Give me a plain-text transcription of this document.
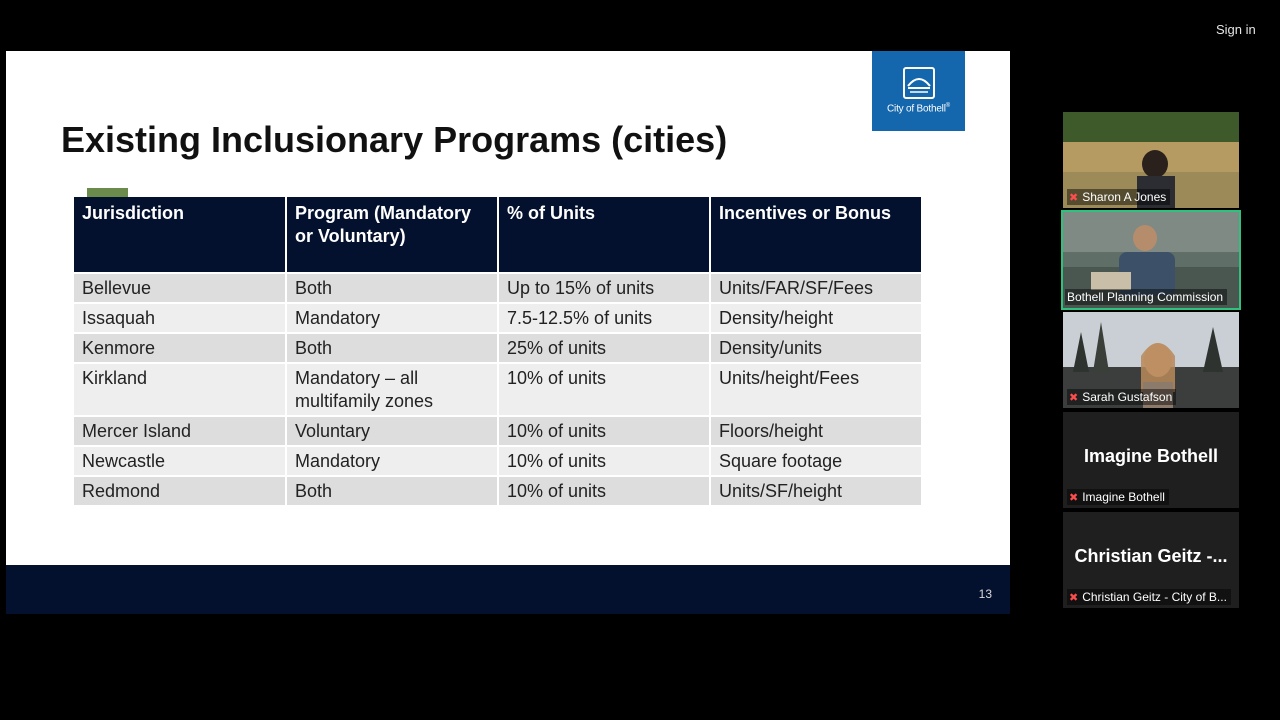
Sign in
City of Bothell®
Existing Inclusionary Programs (cities)
Jurisdiction	Program (Mandatory or Voluntary)	% of Units	Incentives or Bonus
Bellevue	Both	Up to 15% of units	Units/FAR/SF/Fees
Issaquah	Mandatory	7.5-12.5% of units	Density/height
Kenmore	Both	25% of units	Density/units
Kirkland	Mandatory – all multifamily zones	10% of units	Units/height/Fees
Mercer Island	Voluntary	10% of units	Floors/height
Newcastle	Mandatory	10% of units	Square footage
Redmond	Both	10% of units	Units/SF/height
13
✖ Sharon A Jones
Bothell Planning Commission
✖ Sarah Gustafson
Imagine Bothell
✖ Imagine Bothell
Christian Geitz -...
✖ Christian Geitz - City of B...
